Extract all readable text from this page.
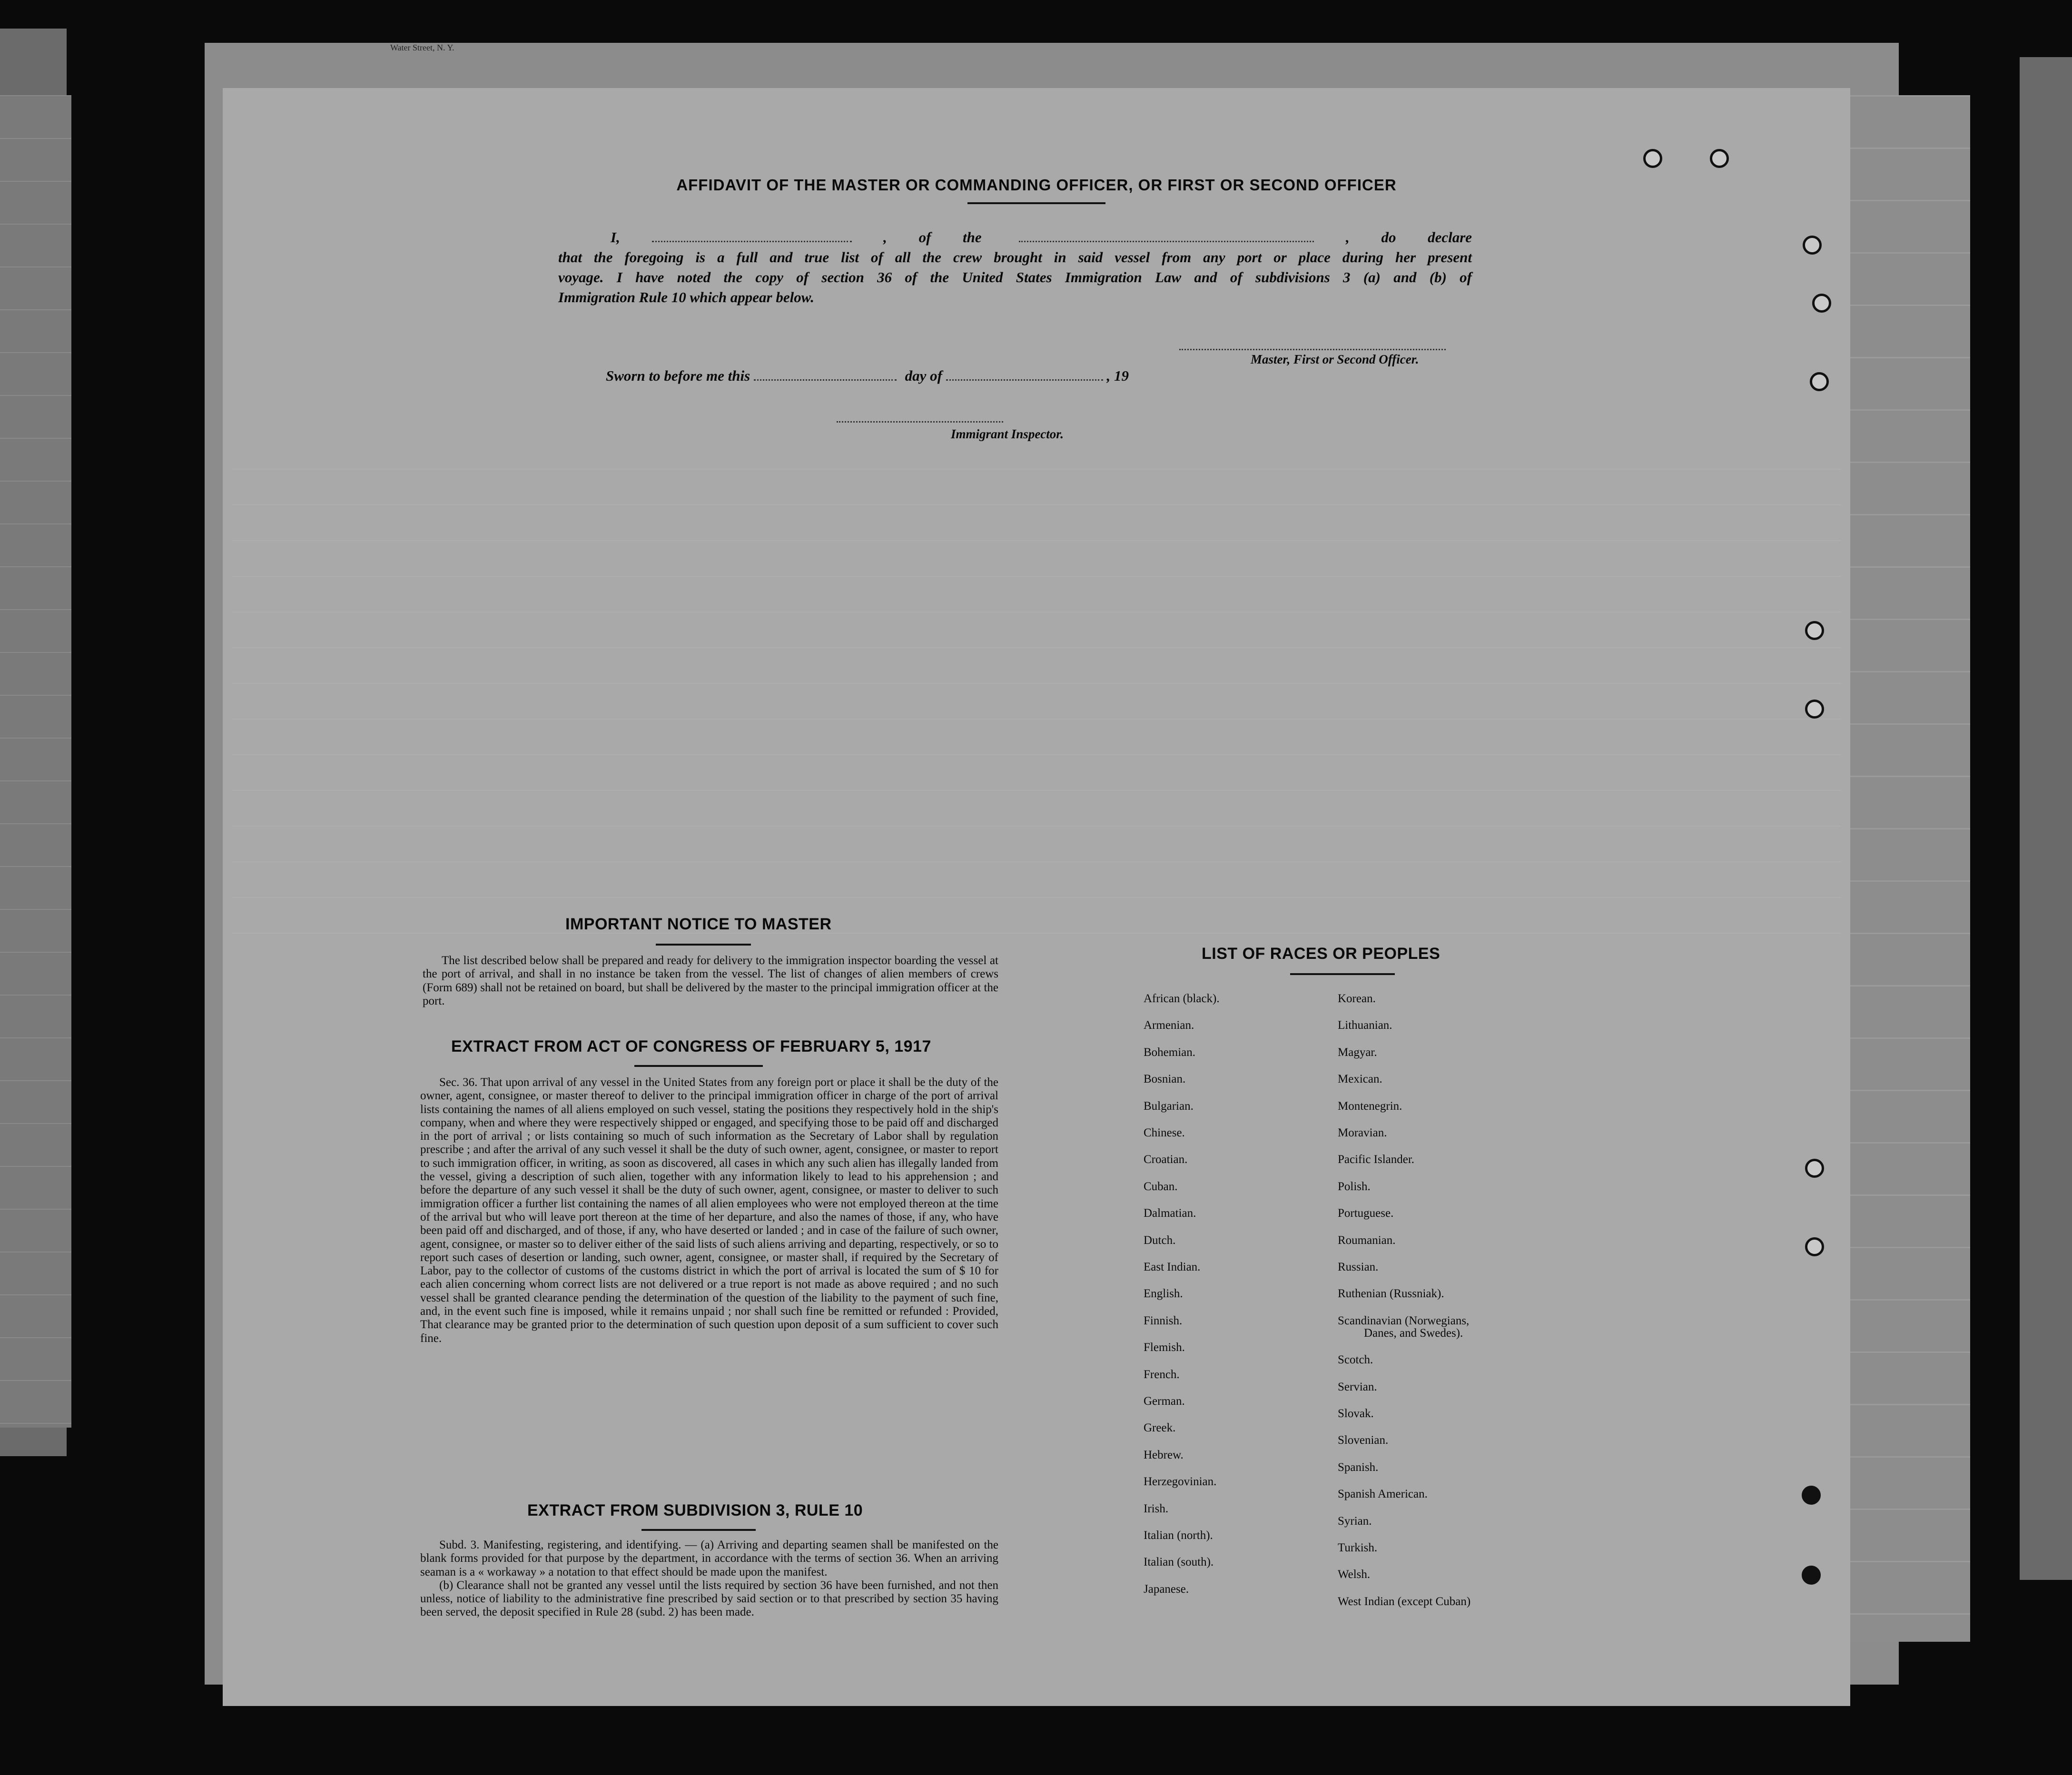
Water Street, N. Y.
AFFIDAVIT OF THE MASTER OR COMMANDING OFFICER, OR FIRST OR SECOND OFFICER
I,	, of the	, do declare
that the foregoing is a full and true list of all the crew brought in said vessel from any port or place during her present
voyage. I have noted the copy of section 36 of the United States Immigration Law and of subdivisions 3 (a) and (b) of
Immigration Rule 10 which appear below.
Master, First or Second Officer.
Sworn to before me this	day of	, 19
Immigrant Inspector.
IMPORTANT NOTICE TO MASTER

The list described below shall be prepared and ready for delivery to the immigration inspector boarding the vessel at the port of arrival, and shall in no instance be taken from the vessel. The list of changes of alien members of crews (Form 689) shall not be retained on board, but shall be delivered by the master to the principal immigration officer at the port.

EXTRACT FROM ACT OF CONGRESS OF FEBRUARY 5, 1917

Sec. 36. That upon arrival of any vessel in the United States from any foreign port or place it shall be the duty of the owner, agent, consignee, or master thereof to deliver to the principal immigration officer in charge of the port of arrival lists containing the names of all aliens employed on such vessel, stating the positions they respectively hold in the ship's company, when and where they were respectively shipped or engaged, and specifying those to be paid off and discharged in the port of arrival ; or lists containing so much of such information as the Secretary of Labor shall by regulation prescribe ; and after the arrival of any such vessel it shall be the duty of such owner, agent, consignee, or master to report to such immigration officer, in writing, as soon as discovered, all cases in which any such alien has illegally landed from the vessel, giving a description of such alien, together with any information likely to lead to his apprehension ; and before the departure of any such vessel it shall be the duty of such owner, agent, consignee, or master to deliver to such immigration officer a further list containing the names of all alien employees who were not employed thereon at the time of the arrival but who will leave port thereon at the time of her departure, and also the names of those, if any, who have been paid off and discharged, and of those, if any, who have deserted or landed ; and in case of the failure of such owner, agent, consignee, or master so to deliver either of the said lists of such aliens arriving and departing, respectively, or so to report such cases of desertion or landing, such owner, agent, consignee, or master shall, if required by the Secretary of Labor, pay to the collector of customs of the customs district in which the port of arrival is located the sum of $ 10 for each alien concerning whom correct lists are not delivered or a true report is not made as above required ; and no such vessel shall be granted clearance pending the determination of the question of the liability to the payment of such fine, and, in the event such fine is imposed, while it remains unpaid ; nor shall such fine be remitted or refunded : Provided, That clearance may be granted prior to the determination of such question upon deposit of a sum sufficient to cover such fine.

EXTRACT FROM SUBDIVISION 3, RULE 10

Subd. 3. Manifesting, registering, and identifying. — (a) Arriving and departing seamen shall be manifested on the blank forms provided for that purpose by the department, in accordance with the terms of section 36. When an arriving seaman is a « workaway » a notation to that effect should be made upon the manifest.

(b) Clearance shall not be granted any vessel until the lists required by section 36 have been furnished, and not then unless, notice of liability to the administrative fine prescribed by said section or to that prescribed by section 35 having been served, the deposit specified in Rule 28 (subd. 2) has been made.

LIST OF RACES OR PEOPLES
African (black).
Armenian.
Bohemian.
Bosnian.
Bulgarian.
Chinese.
Croatian.
Cuban.
Dalmatian.
Dutch.
East Indian.
English.
Finnish.
Flemish.
French.
German.
Greek.
Hebrew.
Herzegovinian.
Irish.
Italian (north).
Italian (south).
Japanese.
Korean.
Lithuanian.
Magyar.
Mexican.
Montenegrin.
Moravian.
Pacific Islander.
Polish.
Portuguese.
Roumanian.
Russian.
Ruthenian (Russniak).
Scandinavian (Norwegians,
Danes, and Swedes).
Scotch.
Servian.
Slovak.
Slovenian.
Spanish.
Spanish American.
Syrian.
Turkish.
Welsh.
West Indian (except Cuban)
